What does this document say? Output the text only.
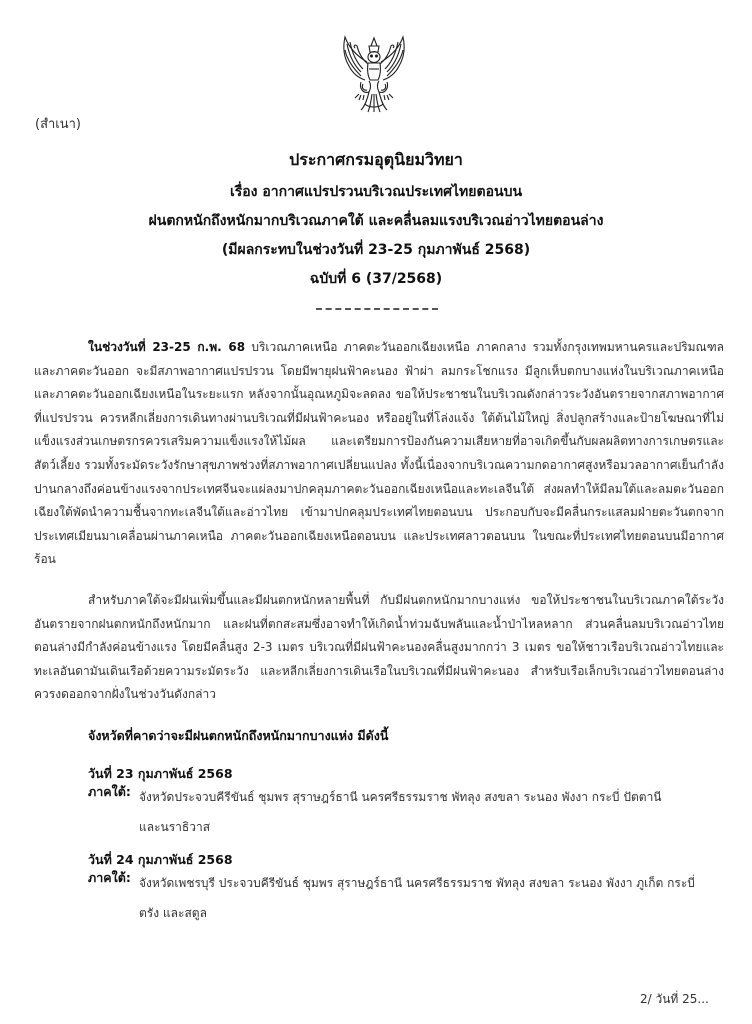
(สำเนา)
ประกาศกรมอุตุนิยมวิทยา
เรื่อง อากาศแปรปรวนบริเวณประเทศไทยตอนบน
ฝนตกหนักถึงหนักมากบริเวณภาคใต้ และคลื่นลมแรงบริเวณอ่าวไทยตอนล่าง
(มีผลกระทบในช่วงวันที่ 23-25 กุมภาพันธ์ 2568)
ฉบับที่ 6 (37/2568)
ในช่วงวันที่ 23-25 ก.พ. 68 บริเวณภาคเหนือ ภาคตะวันออกเฉียงเหนือ ภาคกลาง รวมทั้งกรุงเทพมหานครและปริมณฑล และภาคตะวันออก จะมีสภาพอากาศแปรปรวน โดยมีพายุฝนฟ้าคะนอง ฟ้าผ่า ลมกระโชกแรง มีลูกเห็บตกบางแห่งในบริเวณภาคเหนือและภาคตะวันออกเฉียงเหนือในระยะแรก หลังจากนั้นอุณหภูมิจะลดลง ขอให้ประชาชนในบริเวณดังกล่าวระวังอันตรายจากสภาพอากาศที่แปรปรวน ควรหลีกเลี่ยงการเดินทางผ่านบริเวณที่มีฝนฟ้าคะนอง หรืออยู่ในที่โล่งแจ้ง ใต้ต้นไม้ใหญ่ สิ่งปลูกสร้างและป้ายโฆษณาที่ไม่แข็งแรงส่วนเกษตรกรควรเสริมความแข็งแรงให้ไม้ผล และเตรียมการป้องกันความเสียหายที่อาจเกิดขึ้นกับผลผลิตทางการเกษตรและสัตว์เลี้ยง รวมทั้งระมัดระวังรักษาสุขภาพช่วงที่สภาพอากาศเปลี่ยนแปลง ทั้งนี้เนื่องจากบริเวณความกดอากาศสูงหรือมวลอากาศเย็นกำลังปานกลางถึงค่อนข้างแรงจากประเทศจีนจะแผ่ลงมาปกคลุมภาคตะวันออกเฉียงเหนือและทะเลจีนใต้ ส่งผลทำให้มีลมใต้และลมตะวันออกเฉียงใต้พัดนำความชื้นจากทะเลจีนใต้และอ่าวไทย เข้ามาปกคลุมประเทศไทยตอนบน ประกอบกับจะมีคลื่นกระแสลมฝ่ายตะวันตกจากประเทศเมียนมาเคลื่อนผ่านภาคเหนือ ภาคตะวันออกเฉียงเหนือตอนบน และประเทศลาวตอนบน ในขณะที่ประเทศไทยตอนบนมีอากาศร้อน
สำหรับภาคใต้จะมีฝนเพิ่มขึ้นและมีฝนตกหนักหลายพื้นที่ กับมีฝนตกหนักมากบางแห่ง ขอให้ประชาชนในบริเวณภาคใต้ระวังอันตรายจากฝนตกหนักถึงหนักมาก และฝนที่ตกสะสมซึ่งอาจทำให้เกิดน้ำท่วมฉับพลันและน้ำป่าไหลหลาก ส่วนคลื่นลมบริเวณอ่าวไทยตอนล่างมีกำลังค่อนข้างแรง โดยมีคลื่นสูง 2-3 เมตร บริเวณที่มีฝนฟ้าคะนองคลื่นสูงมากกว่า 3 เมตร ขอให้ชาวเรือบริเวณอ่าวไทยและทะเลอันดามันเดินเรือด้วยความระมัดระวัง และหลีกเลี่ยงการเดินเรือในบริเวณที่มีฝนฟ้าคะนอง สำหรับเรือเล็กบริเวณอ่าวไทยตอนล่างควรงดออกจากฝั่งในช่วงวันดังกล่าว
จังหวัดที่คาดว่าจะมีฝนตกหนักถึงหนักมากบางแห่ง มีดังนี้
วันที่ 23 กุมภาพันธ์ 2568
ภาคใต้: จังหวัดประจวบคีรีขันธ์ ชุมพร สุราษฎร์ธานี นครศรีธรรมราช พัทลุง สงขลา ระนอง พังงา กระบี่ ปัตตานี
และนราธิวาส
วันที่ 24 กุมภาพันธ์ 2568
ภาคใต้: จังหวัดเพชรบุรี ประจวบคีรีขันธ์ ชุมพร สุราษฎร์ธานี นครศรีธรรมราช พัทลุง สงขลา ระนอง พังงา ภูเก็ต กระบี่
ตรัง และสตูล
2/ วันที่ 25...
